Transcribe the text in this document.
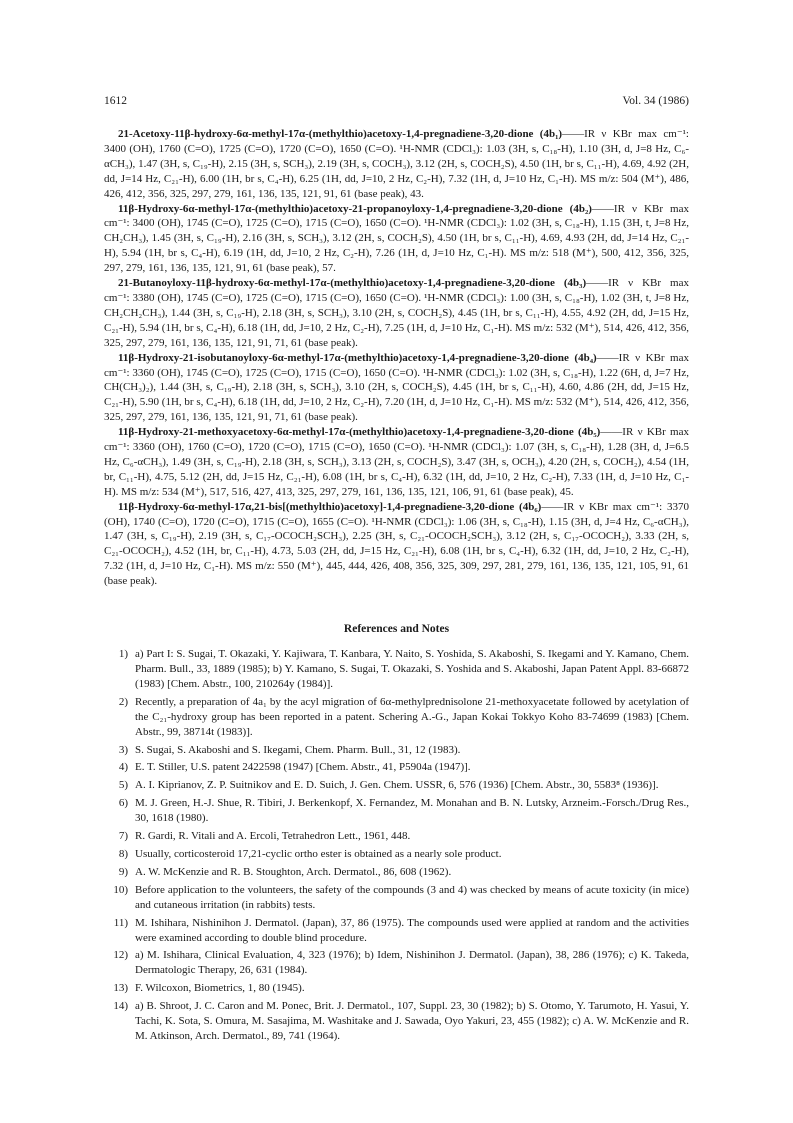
1612	Vol. 34 (1986)

21-Acetoxy-11β-hydroxy-6α-methyl-17α-(methylthio)acetoxy-1,4-pregnadiene-3,20-dione (4b₁)——IR ν KBr max cm⁻¹: 3400 (OH), 1760 (C=O), 1725 (C=O), 1720 (C=O), 1650 (C=O). ¹H-NMR (CDCl₃): 1.03 (3H, s, C₁₈-H), 1.10 (3H, d, J=8 Hz, C₆-αCH₃), 1.47 (3H, s, C₁₉-H), 2.15 (3H, s, SCH₃), 2.19 (3H, s, COCH₃), 3.12 (2H, s, COCH₂S), 4.50 (1H, br s, C₁₁-H), 4.69, 4.92 (2H, dd, J=14 Hz, C₂₁-H), 6.00 (1H, br s, C₄-H), 6.25 (1H, dd, J=10, 2 Hz, C₂-H), 7.32 (1H, d, J=10 Hz, C₁-H). MS m/z: 504 (M⁺), 486, 426, 412, 356, 325, 297, 279, 161, 136, 135, 121, 91, 61 (base peak), 43.

11β-Hydroxy-6α-methyl-17α-(methylthio)acetoxy-21-propanoyloxy-1,4-pregnadiene-3,20-dione (4b₂)——IR ν KBr max cm⁻¹: 3400 (OH), 1745 (C=O), 1725 (C=O), 1715 (C=O), 1650 (C=O). ¹H-NMR (CDCl₃): 1.02 (3H, s, C₁₈-H), 1.15 (3H, t, J=8 Hz, CH₂CH₃), 1.45 (3H, s, C₁₉-H), 2.16 (3H, s, SCH₃), 3.12 (2H, s, COCH₂S), 4.50 (1H, br s, C₁₁-H), 4.69, 4.93 (2H, dd, J=14 Hz, C₂₁-H), 5.94 (1H, br s, C₄-H), 6.19 (1H, dd, J=10, 2 Hz, C₂-H), 7.26 (1H, d, J=10 Hz, C₁-H). MS m/z: 518 (M⁺), 500, 412, 356, 325, 297, 279, 161, 136, 135, 121, 91, 61 (base peak), 57.

21-Butanoyloxy-11β-hydroxy-6α-methyl-17α-(methylthio)acetoxy-1,4-pregnadiene-3,20-dione (4b₃)——IR ν KBr max cm⁻¹: 3380 (OH), 1745 (C=O), 1725 (C=O), 1715 (C=O), 1650 (C=O). ¹H-NMR (CDCl₃): 1.00 (3H, s, C₁₈-H), 1.02 (3H, t, J=8 Hz, CH₂CH₂CH₃), 1.44 (3H, s, C₁₉-H), 2.18 (3H, s, SCH₃), 3.10 (2H, s, COCH₂S), 4.45 (1H, br s, C₁₁-H), 4.55, 4.92 (2H, dd, J=15 Hz, C₂₁-H), 5.94 (1H, br s, C₄-H), 6.18 (1H, dd, J=10, 2 Hz, C₂-H), 7.25 (1H, d, J=10 Hz, C₁-H). MS m/z: 532 (M⁺), 514, 426, 412, 356, 325, 297, 279, 161, 136, 135, 121, 91, 71, 61 (base peak).

11β-Hydroxy-21-isobutanoyloxy-6α-methyl-17α-(methylthio)acetoxy-1,4-pregnadiene-3,20-dione (4b₄)——IR ν KBr max cm⁻¹: 3360 (OH), 1745 (C=O), 1725 (C=O), 1715 (C=O), 1650 (C=O). ¹H-NMR (CDCl₃): 1.02 (3H, s, C₁₈-H), 1.22 (6H, d, J=7 Hz, CH(CH₃)₂), 1.44 (3H, s, C₁₉-H), 2.18 (3H, s, SCH₃), 3.10 (2H, s, COCH₂S), 4.45 (1H, br s, C₁₁-H), 4.60, 4.86 (2H, dd, J=15 Hz, C₂₁-H), 5.90 (1H, br s, C₄-H), 6.18 (1H, dd, J=10, 2 Hz, C₂-H), 7.20 (1H, d, J=10 Hz, C₁-H). MS m/z: 532 (M⁺), 514, 426, 412, 356, 325, 297, 279, 161, 136, 135, 121, 91, 71, 61 (base peak).

11β-Hydroxy-21-methoxyacetoxy-6α-methyl-17α-(methylthio)acetoxy-1,4-pregnadiene-3,20-dione (4b₅)——IR ν KBr max cm⁻¹: 3360 (OH), 1760 (C=O), 1720 (C=O), 1715 (C=O), 1650 (C=O). ¹H-NMR (CDCl₃): 1.07 (3H, s, C₁₈-H), 1.28 (3H, d, J=6.5 Hz, C₆-αCH₃), 1.49 (3H, s, C₁₉-H), 2.18 (3H, s, SCH₃), 3.13 (2H, s, COCH₂S), 3.47 (3H, s, OCH₃), 4.20 (2H, s, COCH₂), 4.54 (1H, br, C₁₁-H), 4.75, 5.12 (2H, dd, J=15 Hz, C₂₁-H), 6.08 (1H, br s, C₄-H), 6.32 (1H, dd, J=10, 2 Hz, C₂-H), 7.33 (1H, d, J=10 Hz, C₁-H). MS m/z: 534 (M⁺), 517, 516, 427, 413, 325, 297, 279, 161, 136, 135, 121, 106, 91, 61 (base peak), 45.

11β-Hydroxy-6α-methyl-17α,21-bis[(methylthio)acetoxy]-1,4-pregnadiene-3,20-dione (4b₆)——IR ν KBr max cm⁻¹: 3370 (OH), 1740 (C=O), 1720 (C=O), 1715 (C=O), 1655 (C=O). ¹H-NMR (CDCl₃): 1.06 (3H, s, C₁₈-H), 1.15 (3H, d, J=4 Hz, C₆-αCH₃), 1.47 (3H, s, C₁₉-H), 2.19 (3H, s, C₁₇-OCOCH₂SCH₃), 2.25 (3H, s, C₂₁-OCOCH₂SCH₃), 3.12 (2H, s, C₁₇-OCOCH₂), 3.33 (2H, s, C₂₁-OCOCH₂), 4.52 (1H, br, C₁₁-H), 4.73, 5.03 (2H, dd, J=15 Hz, C₂₁-H), 6.08 (1H, br s, C₄-H), 6.32 (1H, dd, J=10, 2 Hz, C₂-H), 7.32 (1H, d, J=10 Hz, C₁-H). MS m/z: 550 (M⁺), 445, 444, 426, 408, 356, 325, 309, 297, 281, 279, 161, 136, 135, 121, 105, 91, 61 (base peak).

References and Notes
1) a) Part I: S. Sugai, T. Okazaki, Y. Kajiwara, T. Kanbara, Y. Naito, S. Yoshida, S. Akaboshi, S. Ikegami and Y. Kamano, Chem. Pharm. Bull., 33, 1889 (1985); b) Y. Kamano, S. Sugai, T. Okazaki, S. Yoshida and S. Akaboshi, Japan Patent Appl. 83-66872 (1983) [Chem. Abstr., 100, 210264y (1984)].
2) Recently, a preparation of 4a₁ by the acyl migration of 6α-methylprednisolone 21-methoxyacetate followed by acetylation of the C₂₁-hydroxy group has been reported in a patent. Schering A.-G., Japan Kokai Tokkyo Koho 83-74699 (1983) [Chem. Abstr., 99, 38714t (1983)].
3) S. Sugai, S. Akaboshi and S. Ikegami, Chem. Pharm. Bull., 31, 12 (1983).
4) E. T. Stiller, U.S. patent 2422598 (1947) [Chem. Abstr., 41, P5904a (1947)].
5) A. I. Kiprianov, Z. P. Suitnikov and E. D. Suich, J. Gen. Chem. USSR, 6, 576 (1936) [Chem. Abstr., 30, 5583⁸ (1936)].
6) M. J. Green, H.-J. Shue, R. Tibiri, J. Berkenkopf, X. Fernandez, M. Monahan and B. N. Lutsky, Arzneim.-Forsch./Drug Res., 30, 1618 (1980).
7) R. Gardi, R. Vitali and A. Ercoli, Tetrahedron Lett., 1961, 448.
8) Usually, corticosteroid 17,21-cyclic ortho ester is obtained as a nearly sole product.
9) A. W. McKenzie and R. B. Stoughton, Arch. Dermatol., 86, 608 (1962).
10) Before application to the volunteers, the safety of the compounds (3 and 4) was checked by means of acute toxicity (in mice) and cutaneous irritation (in rabbits) tests.
11) M. Ishihara, Nishinihon J. Dermatol. (Japan), 37, 86 (1975). The compounds used were applied at random and the activities were examined according to double blind procedure.
12) a) M. Ishihara, Clinical Evaluation, 4, 323 (1976); b) Idem, Nishinihon J. Dermatol. (Japan), 38, 286 (1976); c) K. Takeda, Dermatologic Therapy, 26, 631 (1984).
13) F. Wilcoxon, Biometrics, 1, 80 (1945).
14) a) B. Shroot, J. C. Caron and M. Ponec, Brit. J. Dermatol., 107, Suppl. 23, 30 (1982); b) S. Otomo, Y. Tarumoto, H. Yasui, Y. Tachi, K. Sota, S. Omura, M. Sasajima, M. Washitake and J. Sawada, Oyo Yakuri, 23, 455 (1982); c) A. W. McKenzie and R. M. Atkinson, Arch. Dermatol., 89, 741 (1964).
